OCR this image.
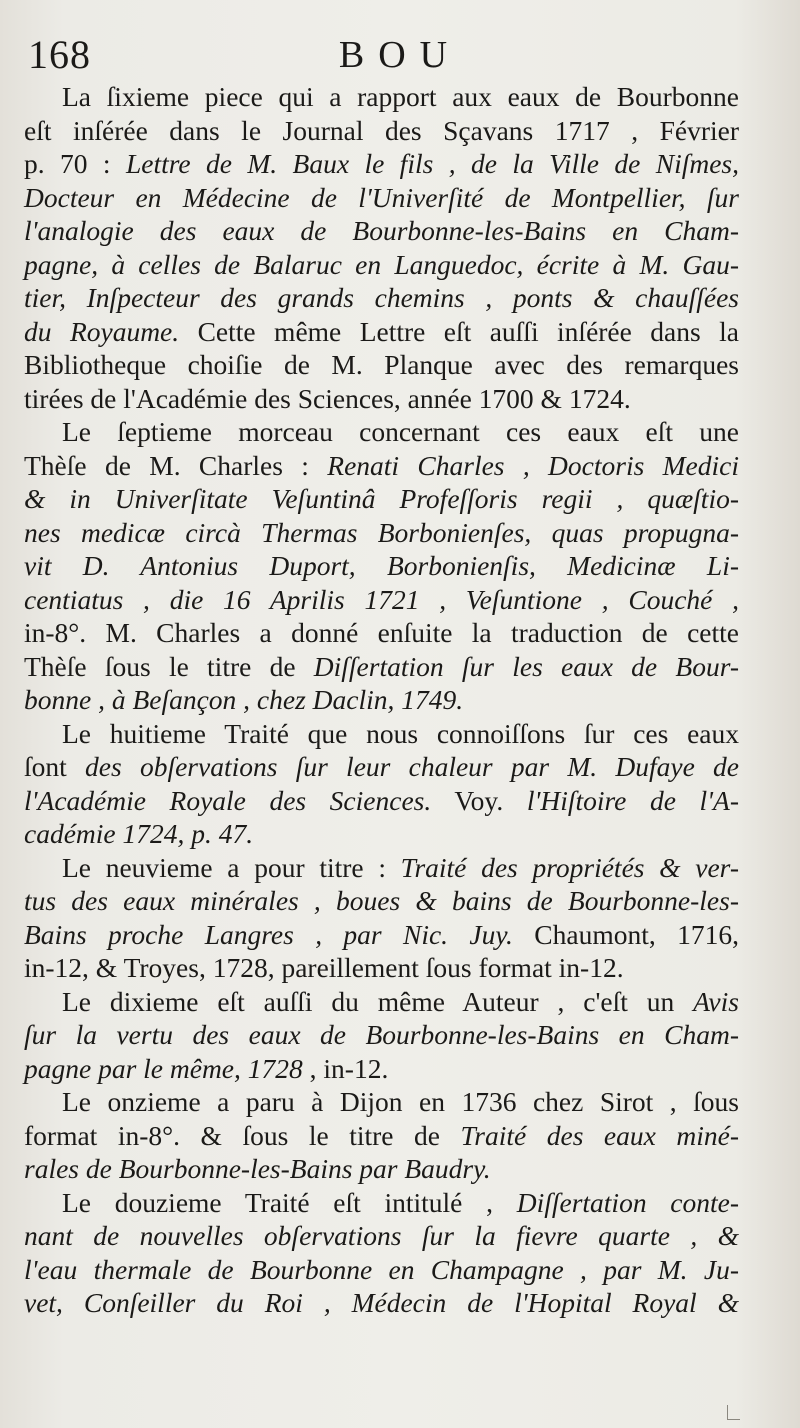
168	BOU
La ſixieme piece qui a rapport aux eaux de Bourbonne
eſt inſérée dans le Journal des Sçavans 1717 , Février
p. 70 : Lettre de M. Baux le fils , de la Ville de Niſmes,
Docteur en Médecine de l'Univerſité de Montpellier, ſur
l'analogie des eaux de Bourbonne-les-Bains en Cham-
pagne, à celles de Balaruc en Languedoc, écrite à M. Gau-
tier, Inſpecteur des grands chemins , ponts & chauſſées
du Royaume. Cette même Lettre eſt auſſi inſérée dans la
Bibliotheque choiſie de M. Planque avec des remarques
tirées de l'Académie des Sciences, année 1700 & 1724.
Le ſeptieme morceau concernant ces eaux eſt une
Thèſe de M. Charles : Renati Charles , Doctoris Medici
& in Univerſitate Veſuntinâ Profeſſoris regii , quæſtio-
nes medicæ circà Thermas Borbonienſes, quas propugna-
vit D. Antonius Duport, Borbonienſis, Medicinæ Li-
centiatus , die 16 Aprilis 1721 , Veſuntione , Couché ,
in-8°. M. Charles a donné enſuite la traduction de cette
Thèſe ſous le titre de Diſſertation ſur les eaux de Bour-
bonne , à Beſançon , chez Daclin, 1749.
Le huitieme Traité que nous connoiſſons ſur ces eaux
ſont des obſervations ſur leur chaleur par M. Dufaye de
l'Académie Royale des Sciences. Voy. l'Hiſtoire de l'A-
cadémie 1724, p. 47.
Le neuvieme a pour titre : Traité des propriétés & ver-
tus des eaux minérales , boues & bains de Bourbonne-les-
Bains proche Langres , par Nic. Juy. Chaumont, 1716,
in-12, & Troyes, 1728, pareillement ſous format in-12.
Le dixieme eſt auſſi du même Auteur , c'eſt un Avis
ſur la vertu des eaux de Bourbonne-les-Bains en Cham-
pagne par le même, 1728 , in-12.
Le onzieme a paru à Dijon en 1736 chez Sirot , ſous
format in-8°. & ſous le titre de Traité des eaux miné-
rales de Bourbonne-les-Bains par Baudry.
Le douzieme Traité eſt intitulé , Diſſertation conte-
nant de nouvelles obſervations ſur la fievre quarte , &
l'eau thermale de Bourbonne en Champagne , par M. Ju-
vet, Conſeiller du Roi , Médecin de l'Hopital Royal &
